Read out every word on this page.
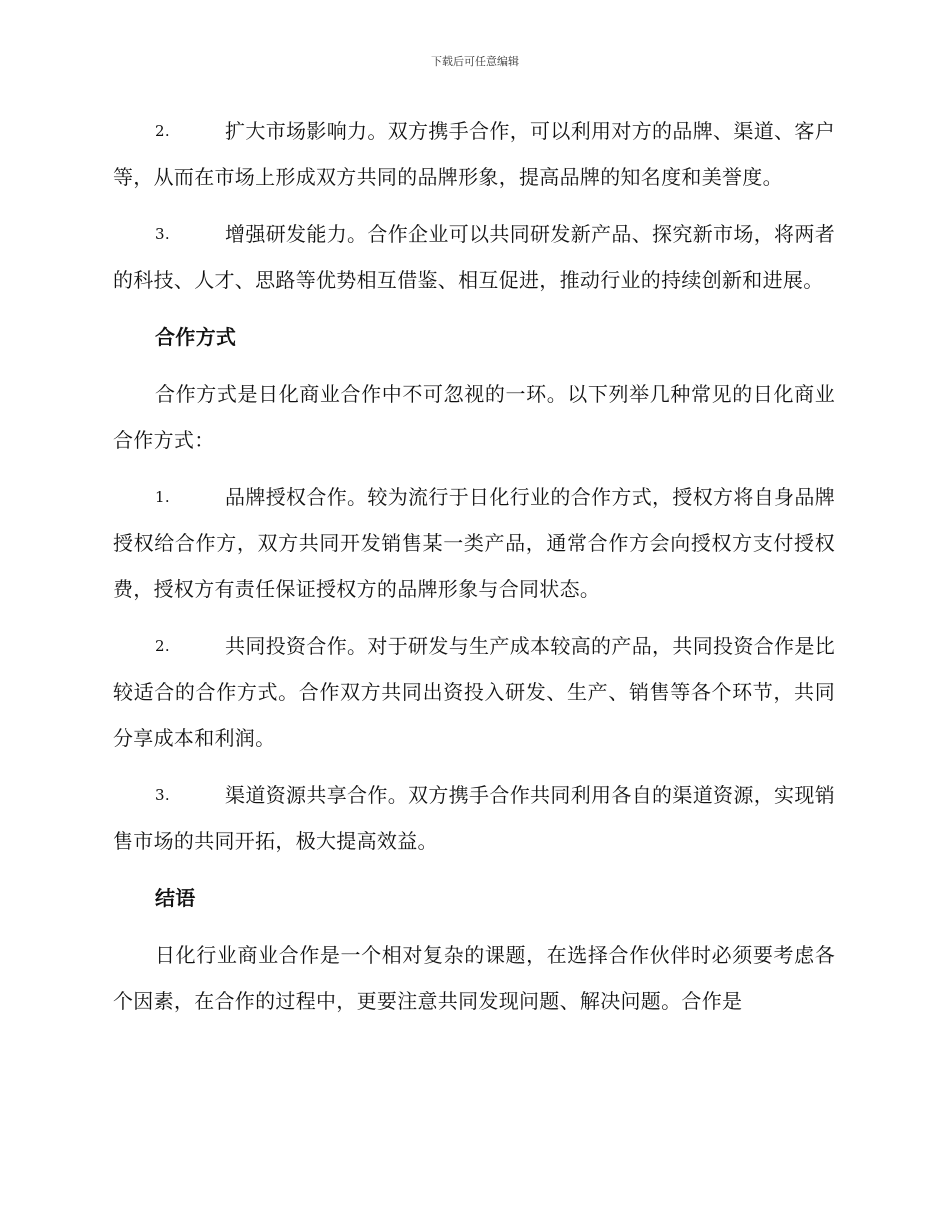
下载后可任意编辑

2.	扩大市场影响力。双方携手合作，可以利用对方的品牌、渠道、客户等，从而在市场上形成双方共同的品牌形象，提高品牌的知名度和美誉度。

3.	增强研发能力。合作企业可以共同研发新产品、探究新市场，将两者的科技、人才、思路等优势相互借鉴、相互促进，推动行业的持续创新和进展。

合作方式

合作方式是日化商业合作中不可忽视的一环。以下列举几种常见的日化商业合作方式：

1.	品牌授权合作。较为流行于日化行业的合作方式，授权方将自身品牌授权给合作方，双方共同开发销售某一类产品，通常合作方会向授权方支付授权费，授权方有责任保证授权方的品牌形象与合同状态。

2.	共同投资合作。对于研发与生产成本较高的产品，共同投资合作是比较适合的合作方式。合作双方共同出资投入研发、生产、销售等各个环节，共同分享成本和利润。

3.	渠道资源共享合作。双方携手合作共同利用各自的渠道资源，实现销售市场的共同开拓，极大提高效益。

结语

日化行业商业合作是一个相对复杂的课题，在选择合作伙伴时必须要考虑各个因素，在合作的过程中，更要注意共同发现问题、解决问题。合作是
